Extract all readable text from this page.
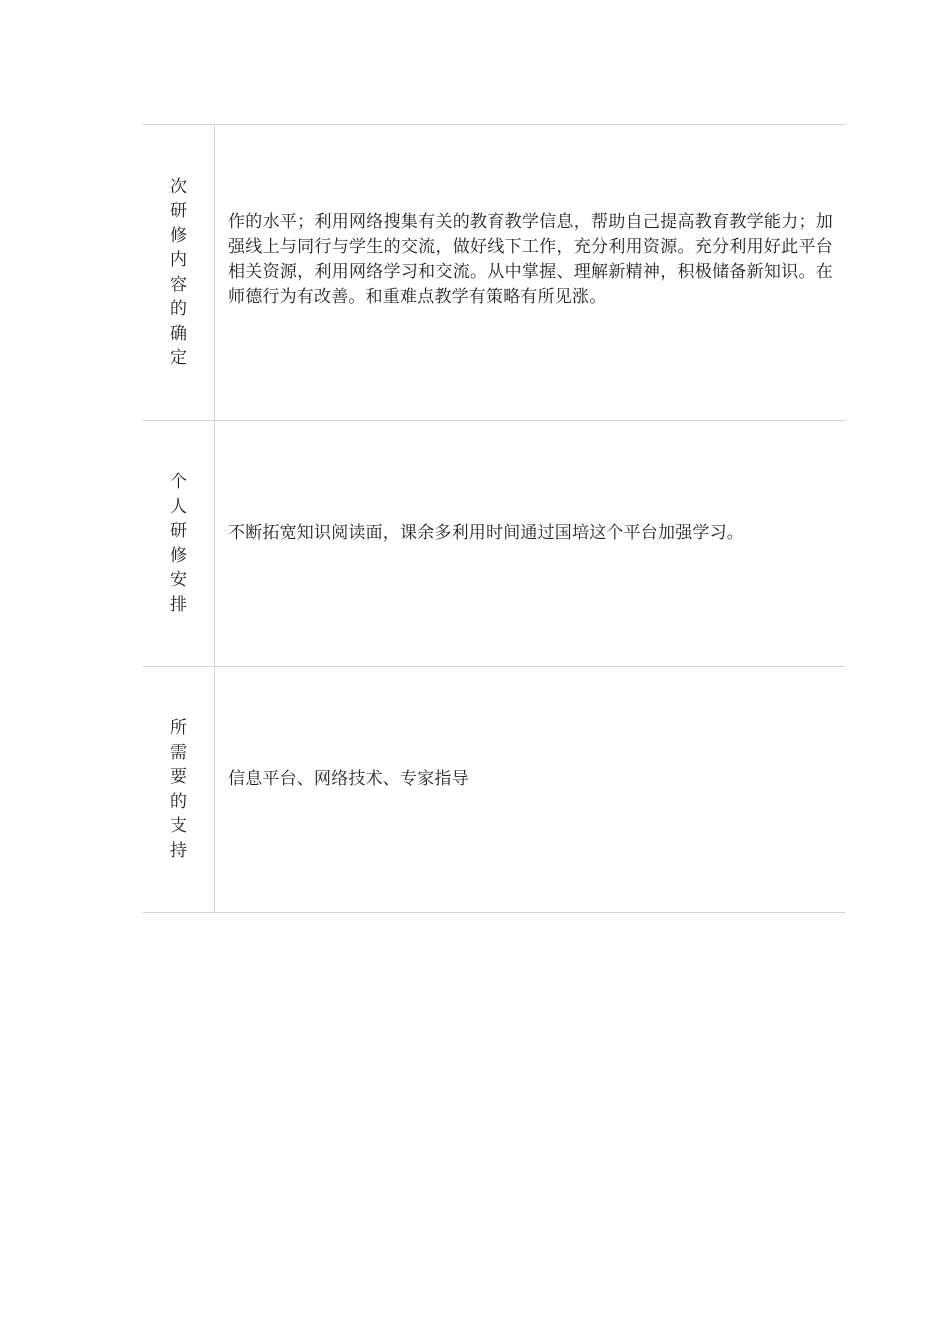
次研修内容的确定	作的水平；利用网络搜集有关的教育教学信息，帮助自己提高教育教学能力；加强线上与同行与学生的交流，做好线下工作，充分利用资源。充分利用好此平台相关资源，利用网络学习和交流。从中掌握、理解新精神，积极储备新知识。在师德行为有改善。和重难点教学有策略有所见涨。

个人研修安排	不断拓宽知识阅读面，课余多利用时间通过国培这个平台加强学习。

所需要的支持	信息平台、网络技术、专家指导
